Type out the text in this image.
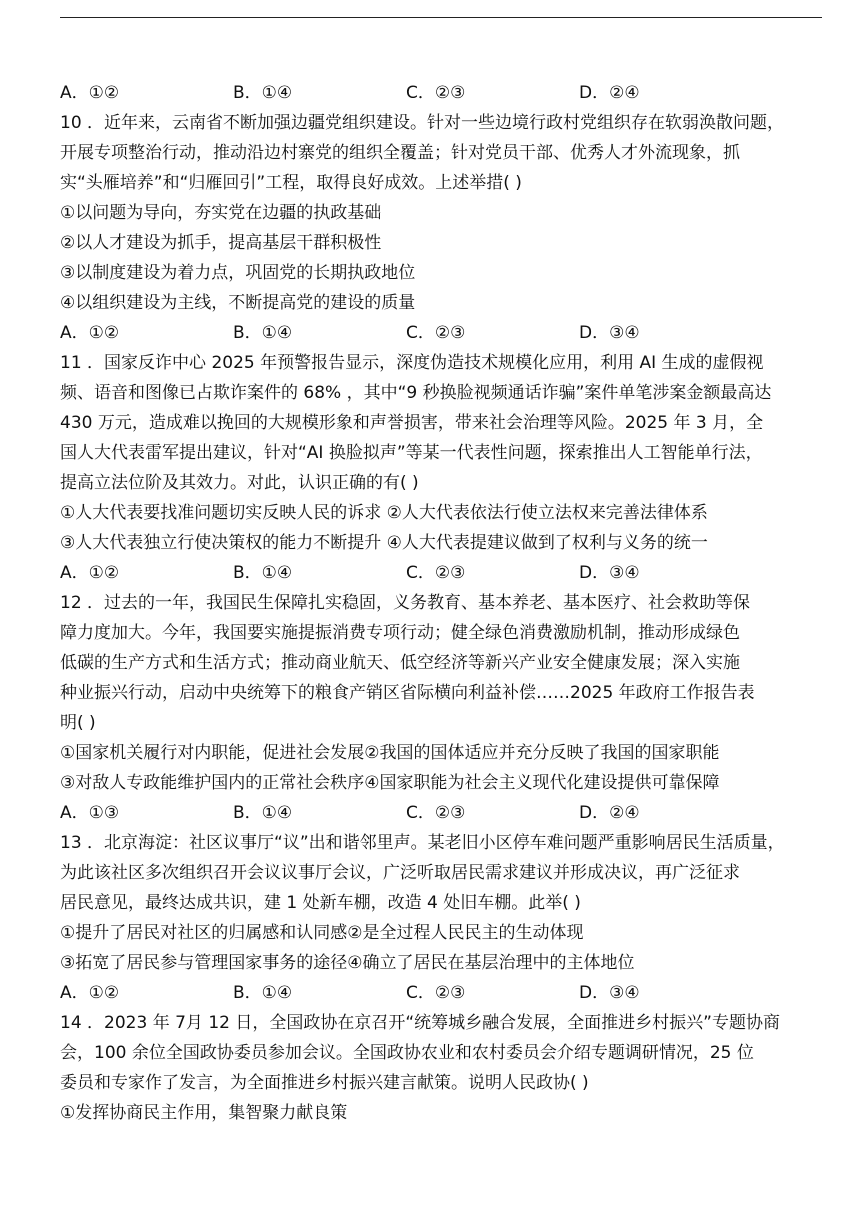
A．①②	B．①④	C．②③	D．②④
10 ．近年来，云南省不断加强边疆党组织建设。针对一些边境行政村党组织存在软弱涣散问题，
开展专项整治行动，推动沿边村寨党的组织全覆盖；针对党员干部、优秀人才外流现象，抓
实“头雁培养”和“归雁回引”工程，取得良好成效。上述举措( )
①以问题为导向，夯实党在边疆的执政基础
②以人才建设为抓手，提高基层干群积极性
③以制度建设为着力点，巩固党的长期执政地位
④以组织建设为主线，不断提高党的建设的质量
A．①②	B．①④	C．②③	D．③④
11 ．国家反诈中心 2025 年预警报告显示，深度伪造技术规模化应用，利用 AI 生成的虚假视
频、语音和图像已占欺诈案件的 68% ，其中“9 秒换脸视频通话诈骗”案件单笔涉案金额最高达
430 万元，造成难以挽回的大规模形象和声誉损害，带来社会治理等风险。2025 年 3 月，全
国人大代表雷军提出建议，针对“AI 换脸拟声”等某一代表性问题，探索推出人工智能单行法，
提高立法位阶及其效力。对此，认识正确的有( )
①人大代表要找准问题切实反映人民的诉求 ②人大代表依法行使立法权来完善法律体系
③人大代表独立行使决策权的能力不断提升 ④人大代表提建议做到了权利与义务的统一
A．①②	B．①④	C．②③	D．③④
12 ．过去的一年，我国民生保障扎实稳固，义务教育、基本养老、基本医疗、社会救助等保
障力度加大。今年，我国要实施提振消费专项行动；健全绿色消费激励机制，推动形成绿色
低碳的生产方式和生活方式；推动商业航天、低空经济等新兴产业安全健康发展；深入实施
种业振兴行动，启动中央统筹下的粮食产销区省际横向利益补偿……2025 年政府工作报告表
明( )
①国家机关履行对内职能，促进社会发展②我国的国体适应并充分反映了我国的国家职能
③对敌人专政能维护国内的正常社会秩序④国家职能为社会主义现代化建设提供可靠保障
A．①③	B．①④	C．②③	D．②④
13 ．北京海淀：社区议事厅“议”出和谐邻里声。某老旧小区停车难问题严重影响居民生活质量，
为此该社区多次组织召开会议议事厅会议，广泛听取居民需求建议并形成决议，再广泛征求
居民意见，最终达成共识，建 1 处新车棚，改造 4 处旧车棚。此举( )
①提升了居民对社区的归属感和认同感②是全过程人民民主的生动体现
③拓宽了居民参与管理国家事务的途径④确立了居民在基层治理中的主体地位
A．①②	B．①④	C．②③	D．③④
14 ．2023 年 7月 12 日，全国政协在京召开“统筹城乡融合发展，全面推进乡村振兴”专题协商
会，100 余位全国政协委员参加会议。全国政协农业和农村委员会介绍专题调研情况，25 位
委员和专家作了发言，为全面推进乡村振兴建言献策。说明人民政协( )
①发挥协商民主作用，集智聚力献良策
